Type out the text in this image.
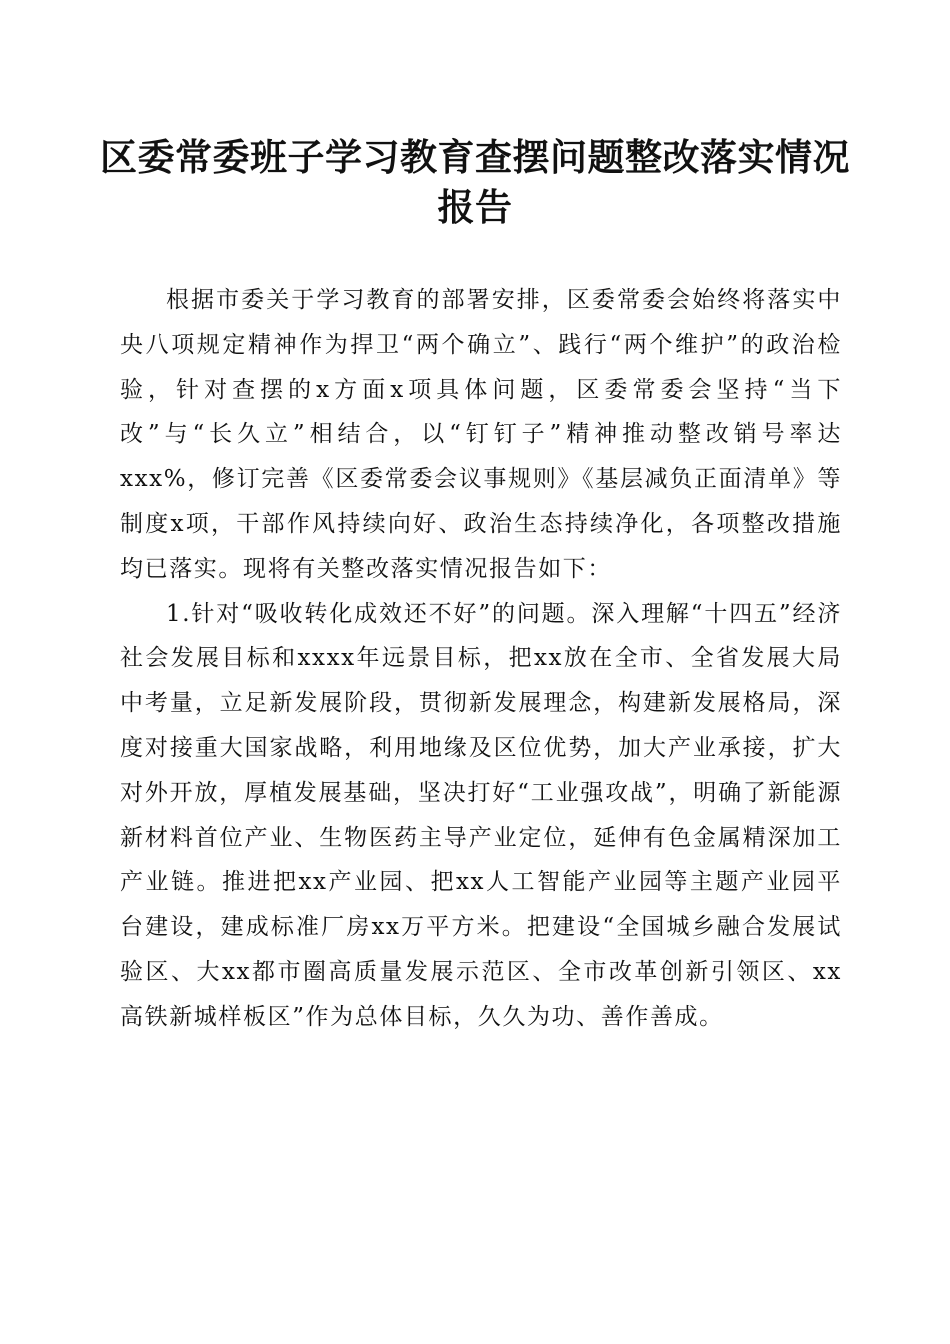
区委常委班子学习教育查摆问题整改落实情况
报告

根据市委关于学习教育的部署安排，区委常委会始终将落实中央八项规定精神作为捍卫“两个确立”、践行“两个维护”的政治检验，针对查摆的x方面x项具体问题，区委常委会坚持“当下改”与“长久立”相结合，以“钉钉子”精神推动整改销号率达xxx%，修订完善《区委常委会议事规则》《基层减负正面清单》等制度x项，干部作风持续向好、政治生态持续净化，各项整改措施均已落实。现将有关整改落实情况报告如下：

1.针对“吸收转化成效还不好”的问题。深入理解“十四五”经济社会发展目标和xxxx年远景目标，把xx放在全市、全省发展大局中考量，立足新发展阶段，贯彻新发展理念，构建新发展格局，深度对接重大国家战略，利用地缘及区位优势，加大产业承接，扩大对外开放，厚植发展基础，坚决打好“工业强攻战”，明确了新能源新材料首位产业、生物医药主导产业定位，延伸有色金属精深加工产业链。推进把xx产业园、把xx人工智能产业园等主题产业园平台建设，建成标准厂房xx万平方米。把建设“全国城乡融合发展试验区、大xx都市圈高质量发展示范区、全市改革创新引领区、xx高铁新城样板区”作为总体目标，久久为功、善作善成。
